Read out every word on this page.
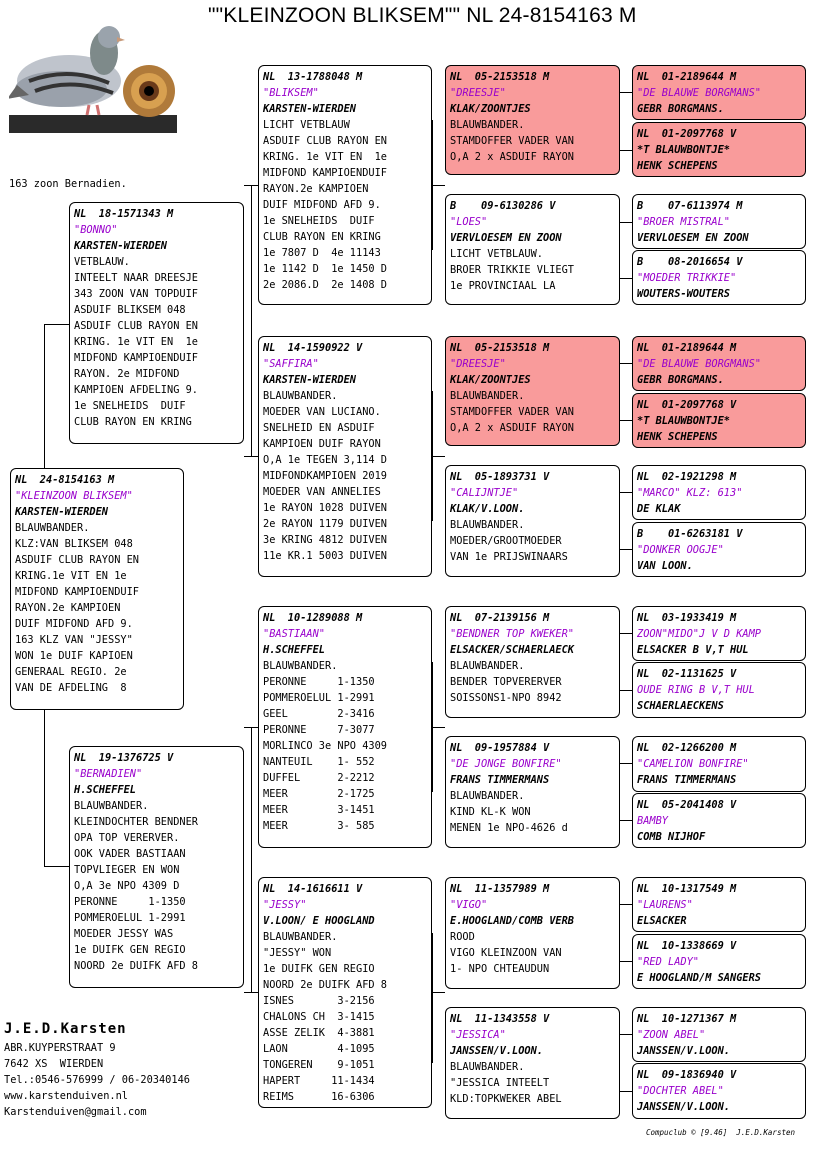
""KLEINZOON BLIKSEM"" NL 24-8154163 M
163 zoon Bernadien.
NL  24-8154163 M
"KLEINZOON BLIKSEM"
KARSTEN-WIERDEN
BLAUWBANDER.
KLZ:VAN BLIKSEM 048
ASDUIF CLUB RAYON EN
KRING.1e VIT EN 1e
MIDFOND KAMPIOENDUIF
RAYON.2e KAMPIOEN
DUIF MIDFOND AFD 9.
163 KLZ VAN "JESSY"
WON 1e DUIF KAPIOEN
GENERAAL REGIO. 2e
VAN DE AFDELING  8
NL  18-1571343 M
"BONNO"
KARSTEN-WIERDEN
VETBLAUW.
INTEELT NAAR DREESJE
343 ZOON VAN TOPDUIF
ASDUIF BLIKSEM 048
ASDUIF CLUB RAYON EN
KRING. 1e VIT EN  1e
MIDFOND KAMPIOENDUIF
RAYON. 2e MIDFOND
KAMPIOEN AFDELING 9.
1e SNELHEIDS  DUIF
CLUB RAYON EN KRING
NL  19-1376725 V
"BERNADIEN"
H.SCHEFFEL
BLAUWBANDER.
KLEINDOCHTER BENDNER
OPA TOP VERERVER.
OOK VADER BASTIAAN
TOPVLIEGER EN WON
O,A 3e NPO 4309 D
PERONNE     1-1350
POMMEROELUL 1-2991
MOEDER JESSY WAS
1e DUIFK GEN REGIO
NOORD 2e DUIFK AFD 8
NL  13-1788048 M
"BLIKSEM"
KARSTEN-WIERDEN
LICHT VETBLAUW
ASDUIF CLUB RAYON EN
KRING. 1e VIT EN  1e
MIDFOND KAMPIOENDUIF
RAYON.2e KAMPIOEN
DUIF MIDFOND AFD 9.
1e SNELHEIDS  DUIF
CLUB RAYON EN KRING
1e 7807 D  4e 11143
1e 1142 D  1e 1450 D
2e 2086.D  2e 1408 D
NL  14-1590922 V
"SAFFIRA"
KARSTEN-WIERDEN
BLAUWBANDER.
MOEDER VAN LUCIANO.
SNELHEID EN ASDUIF
KAMPIOEN DUIF RAYON
O,A 1e TEGEN 3,114 D
MIDFONDKAMPIOEN 2019
MOEDER VAN ANNELIES
1e RAYON 1028 DUIVEN
2e RAYON 1179 DUIVEN
3e KRING 4812 DUIVEN
11e KR.1 5003 DUIVEN
NL  10-1289088 M
"BASTIAAN"
H.SCHEFFEL
BLAUWBANDER.
PERONNE     1-1350
POMMEROELUL 1-2991
GEEL        2-3416
PERONNE     7-3077
MORLINCO 3e NPO 4309
NANTEUIL    1- 552
DUFFEL      2-2212
MEER        2-1725
MEER        3-1451
MEER        3- 585
NL  14-1616611 V
"JESSY"
V.LOON/ E HOOGLAND
BLAUWBANDER.
"JESSY" WON
1e DUIFK GEN REGIO
NOORD 2e DUIFK AFD 8
ISNES       3-2156
CHALONS CH  3-1415
ASSE ZELIK  4-3881
LAON        4-1095
TONGEREN    9-1051
HAPERT     11-1434
REIMS      16-6306
NL  05-2153518 M
"DREESJE"
KLAK/ZOONTJES
BLAUWBANDER.
STAMDOFFER VADER VAN
O,A 2 x ASDUIF RAYON
B    09-6130286 V
"LOES"
VERVLOESEM EN ZOON
LICHT VETBLAUW.
BROER TRIKKIE VLIEGT
1e PROVINCIAAL LA
NL  05-2153518 M
"DREESJE"
KLAK/ZOONTJES
BLAUWBANDER.
STAMDOFFER VADER VAN
O,A 2 x ASDUIF RAYON
NL  05-1893731 V
"CALIJNTJE"
KLAK/V.LOON.
BLAUWBANDER.
MOEDER/GROOTMOEDER
VAN 1e PRIJSWINAARS
NL  07-2139156 M
"BENDNER TOP KWEKER"
ELSACKER/SCHAERLAECK
BLAUWBANDER.
BENDER TOPVERERVER
SOISSONS1-NPO 8942
NL  09-1957884 V
"DE JONGE BONFIRE"
FRANS TIMMERMANS
BLAUWBANDER.
KIND KL-K WON
MENEN 1e NPO-4626 d
NL  11-1357989 M
"VIGO"
E.HOOGLAND/COMB VERB
ROOD
VIGO KLEINZOON VAN
1- NPO CHTEAUDUN
NL  11-1343558 V
"JESSICA"
JANSSEN/V.LOON.
BLAUWBANDER.
"JESSICA INTEELT
KLD:TOPKWEKER ABEL
NL  01-2189644 M
"DE BLAUWE BORGMANS"
GEBR BORGMANS.
NL  01-2097768 V
*T BLAUWBONTJE*
HENK SCHEPENS
B    07-6113974 M
"BROER MISTRAL"
VERVLOESEM EN ZOON
B    08-2016654 V
"MOEDER TRIKKIE"
WOUTERS-WOUTERS
NL  01-2189644 M
"DE BLAUWE BORGMANS"
GEBR BORGMANS.
NL  01-2097768 V
*T BLAUWBONTJE*
HENK SCHEPENS
NL  02-1921298 M
"MARCO" KLZ: 613"
DE KLAK
B    01-6263181 V
"DONKER OOGJE"
VAN LOON.
NL  03-1933419 M
ZOON"MIDO"J V D KAMP
ELSACKER B V,T HUL
NL  02-1131625 V
OUDE RING B V,T HUL
SCHAERLAECKENS
NL  02-1266200 M
"CAMELION BONFIRE"
FRANS TIMMERMANS
NL  05-2041408 V
BAMBY
COMB NIJHOF
NL  10-1317549 M
"LAURENS"
ELSACKER
NL  10-1338669 V
"RED LADY"
E HOOGLAND/M SANGERS
NL  10-1271367 M
"ZOON ABEL"
JANSSEN/V.LOON.
NL  09-1836940 V
"DOCHTER ABEL"
JANSSEN/V.LOON.
J.E.D.Karsten
ABR.KUYPERSTRAAT 9
7642 XS  WIERDEN
Tel.:0546-576999 / 06-20340146
www.karstenduiven.nl
Karstenduiven@gmail.com
Compuclub © [9.46]  J.E.D.Karsten
